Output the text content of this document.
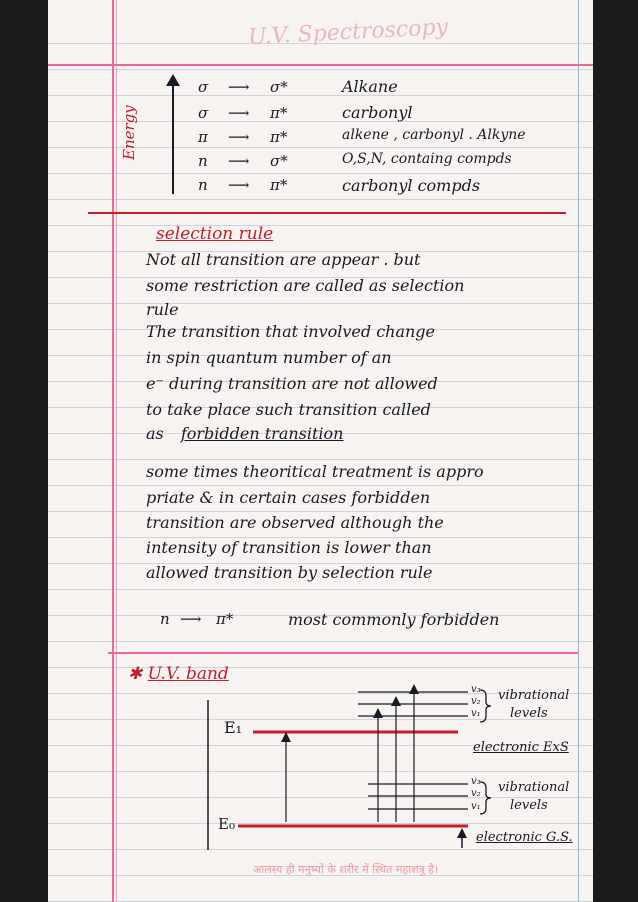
U.V. Spectroscopy
Energy
σ ⟶ σ*	Alkane
σ ⟶ π*	carbonyl
π ⟶ π*	alkene , carbonyl . Alkyne
n ⟶ σ*	O,S,N, containg compds
n ⟶ π*	carbonyl compds
selection rule
Not all transition are appear . but
some restriction are called as selection
rule
The transition that involved change
in spin quantum number of an
e⁻ during transition are not allowed
to take place such transition called
as forbidden transition
some times theoritical treatment is appro
priate & in certain cases forbidden
transition are observed although the
intensity of transition is lower than
allowed transition by selection rule
n ⟶ π*	most commonly forbidden
✱ U.V. band
E₁
E₀
v₃
v₂
v₁
vibrational
levels
electronic ExS
v₃
v₂
v₁
vibrational
levels
electronic G.S.
आलस्य ही मनुष्यों के शरीर में स्थित महाशत्रु है।
